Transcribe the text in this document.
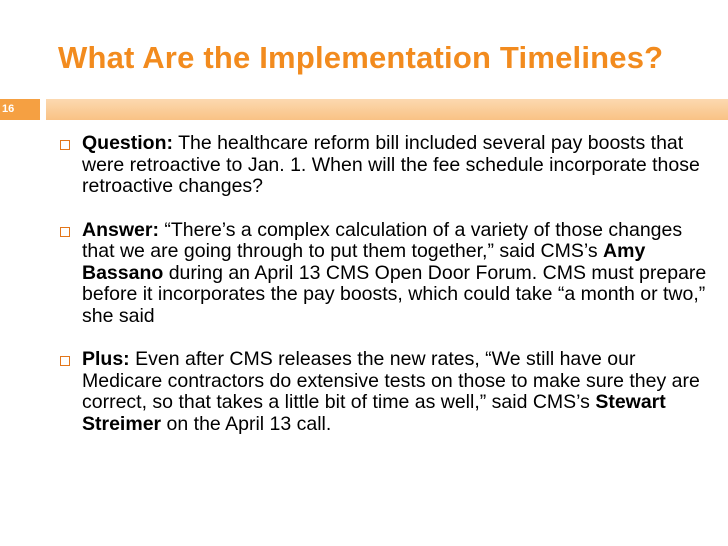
What Are the Implementation Timelines?
16
Question: The healthcare reform bill included several pay boosts that were retroactive to Jan. 1. When will the fee schedule incorporate those retroactive changes?
Answer: “There’s a complex calculation of a variety of those changes that we are going through to put them together,” said CMS’s Amy Bassano during an April 13 CMS Open Door Forum. CMS must prepare before it incorporates the pay boosts, which could take “a month or two,” she said
Plus: Even after CMS releases the new rates, “We still have our Medicare contractors do extensive tests on those to make sure they are correct, so that takes a little bit of time as well,” said CMS’s Stewart Streimer on the April 13 call.
